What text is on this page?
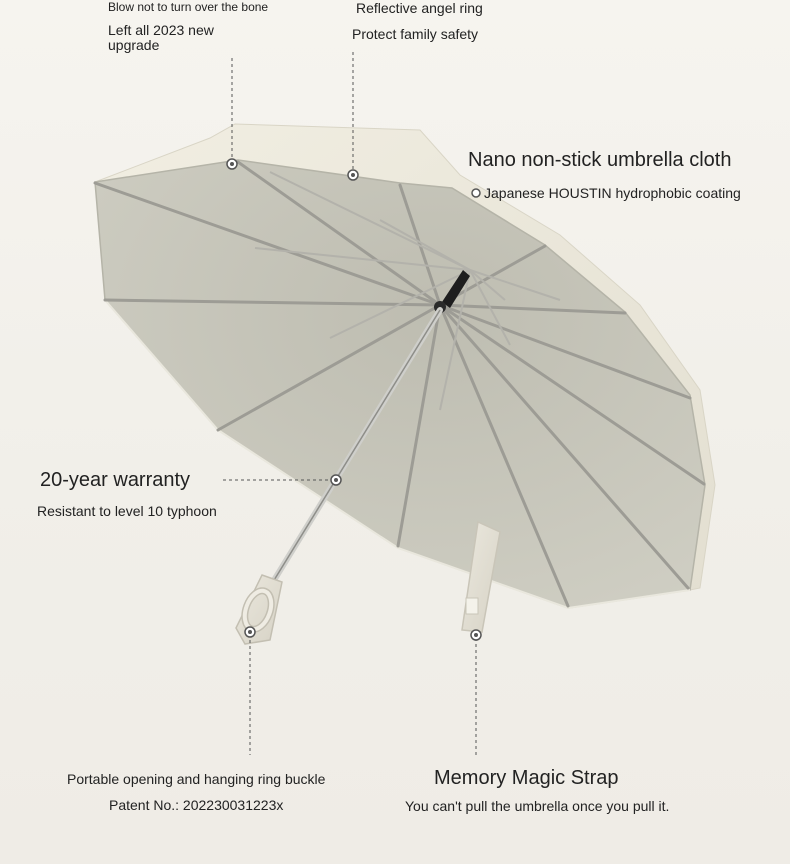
Blow not to turn over the bone
Left all 2023 new upgrade
Reflective angel ring
Protect family safety
Nano non-stick umbrella cloth
Japanese HOUSTIN hydrophobic coating
20-year warranty
Resistant to level 10 typhoon
Portable opening and hanging ring buckle
Patent No.: 202230031223x
Memory Magic Strap
You can't pull the umbrella once you pull it.
